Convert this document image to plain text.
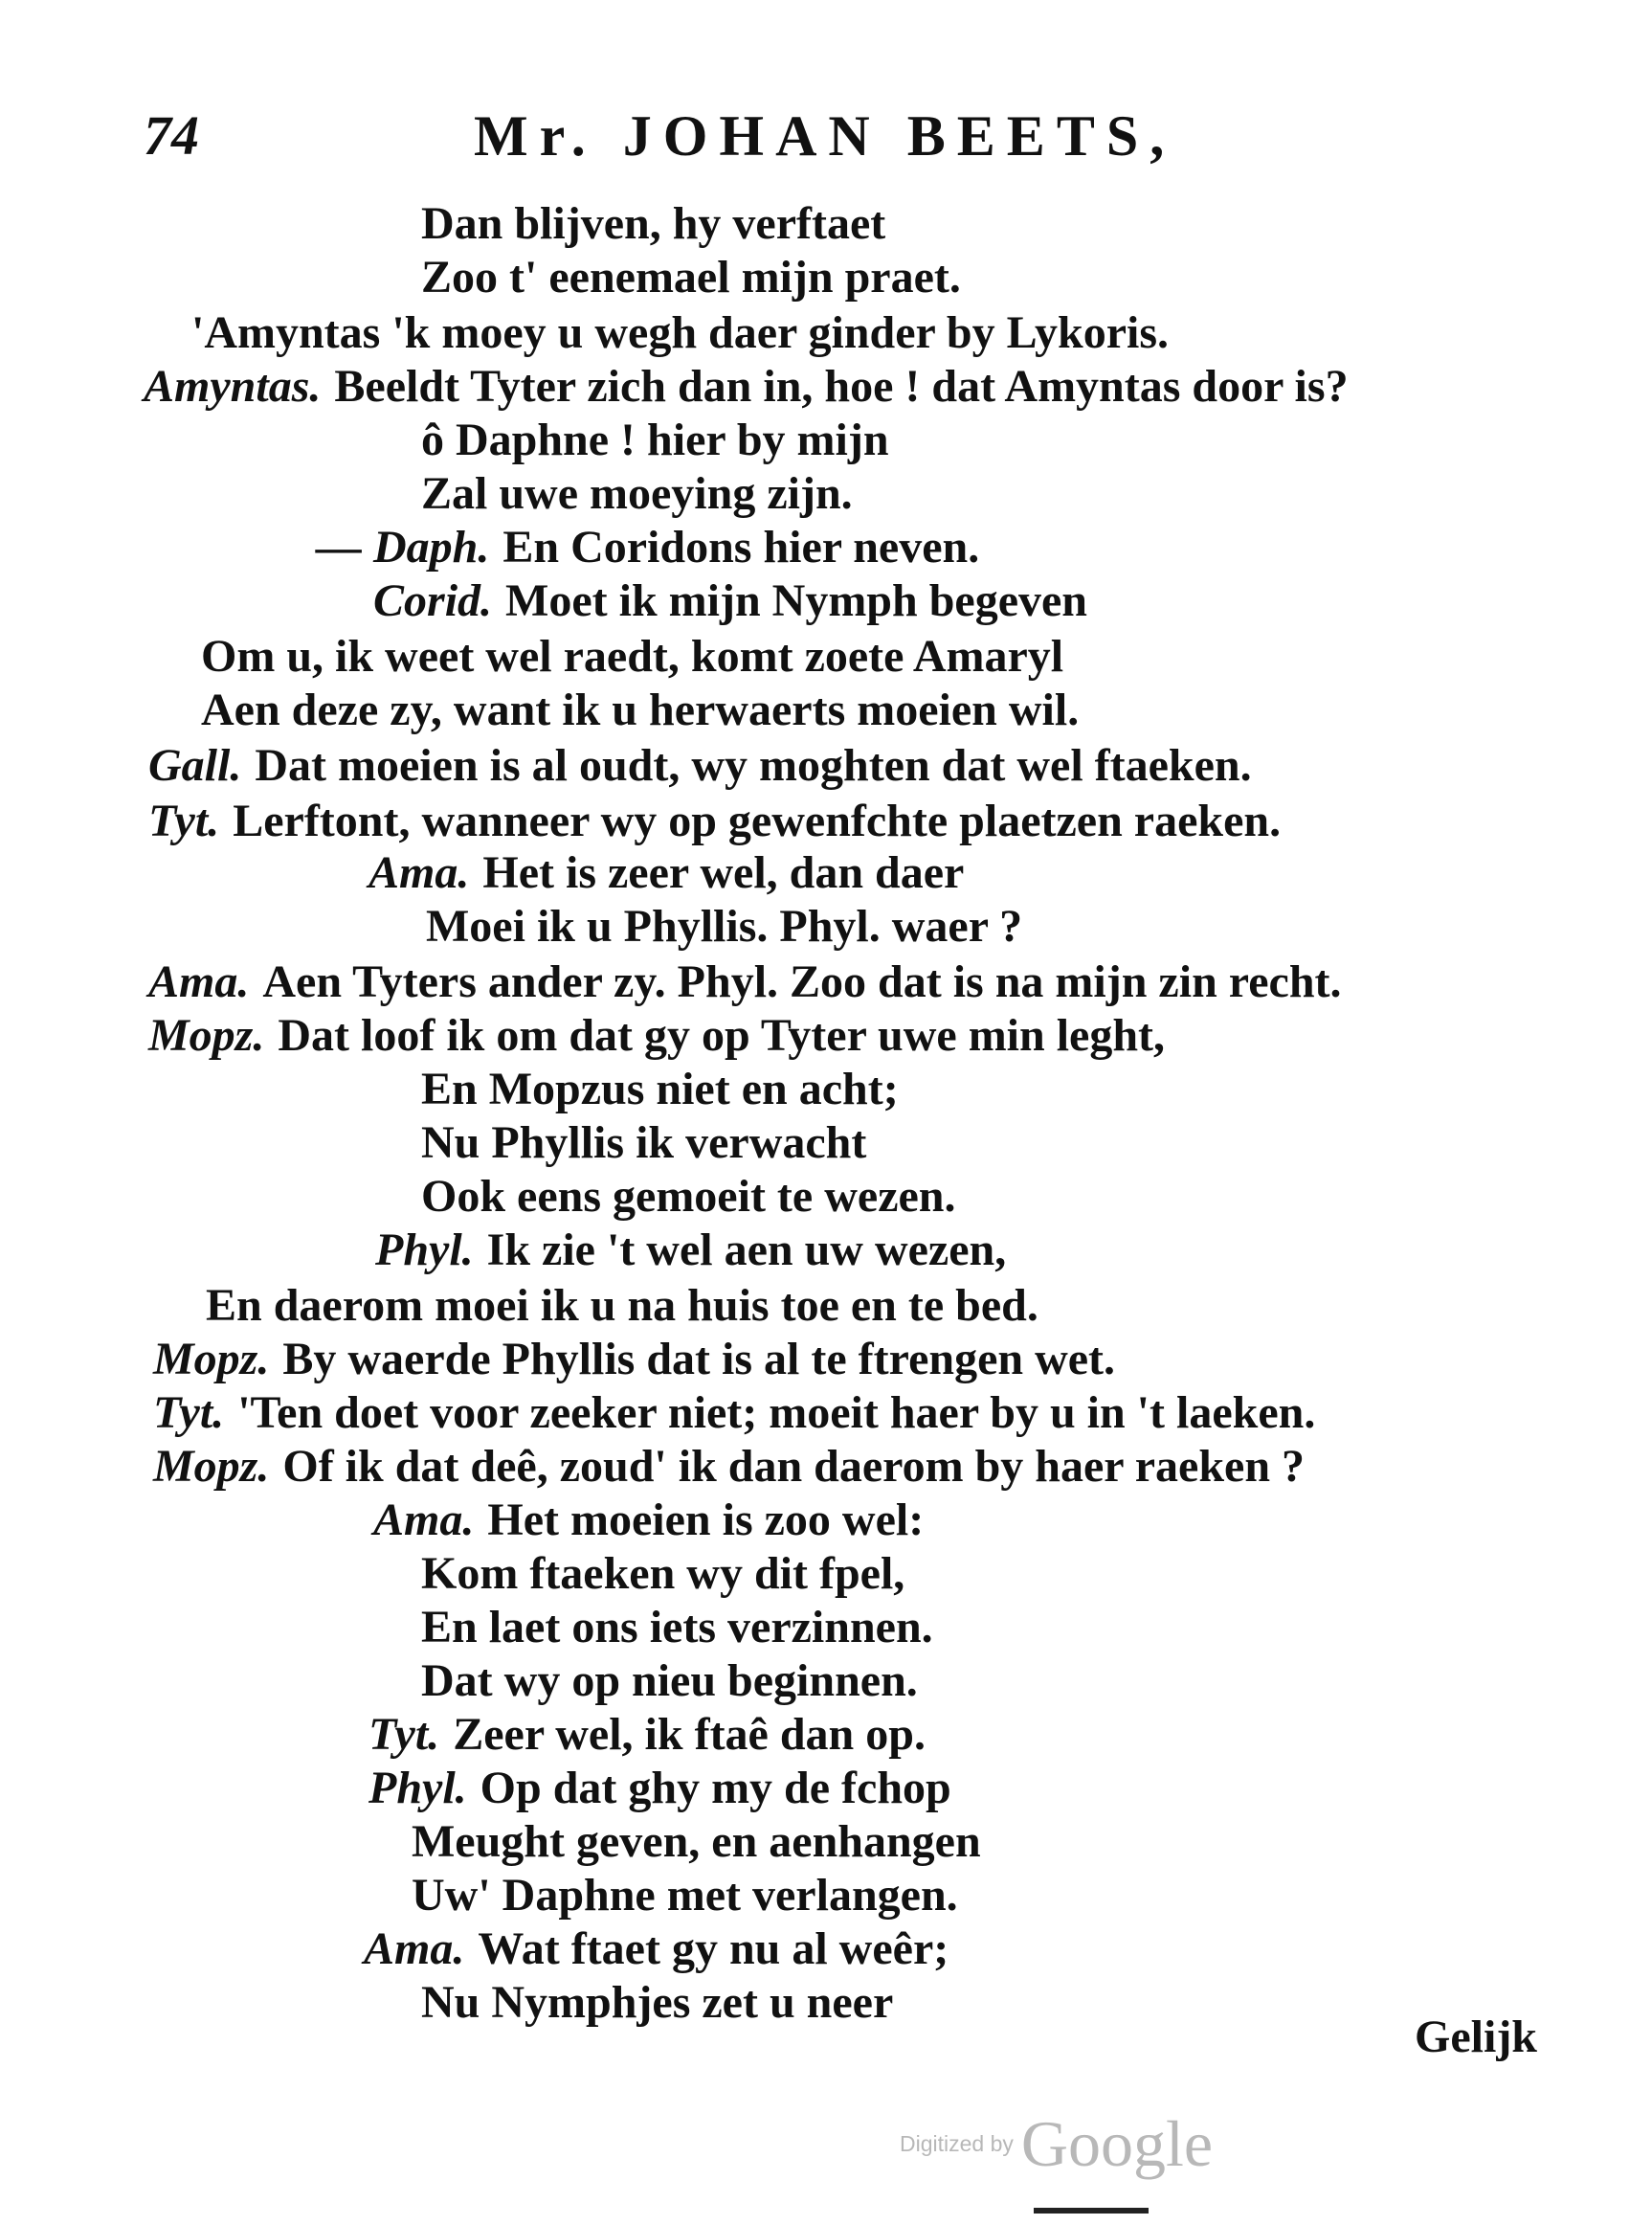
74	Mr. JOHAN BEETS,
Dan blijven, hy verftaet
Zoo t' eenemael mijn praet.
'Amyntas 'k moey u wegh daer ginder by Lykoris.
Amyntas. Beeldt Tyter zich dan in, hoe ! dat Amyntas door is?
ô Daphne ! hier by mijn
Zal uwe moeying zijn.
— Daph. En Coridons hier neven.
Corid. Moet ik mijn Nymph begeven
Om u, ik weet wel raedt, komt zoete Amaryl
Aen deze zy, want ik u herwaerts moeien wil.
Gall. Dat moeien is al oudt, wy moghten dat wel ftaeken.
Tyt. Lerftont, wanneer wy op gewenfchte plaetzen raeken.
Ama. Het is zeer wel, dan daer
Moei ik u Phyllis. Phyl. waer ?
Ama. Aen Tyters ander zy. Phyl. Zoo dat is na mijn zin recht.
Mopz. Dat loof ik om dat gy op Tyter uwe min leght,
En Mopzus niet en acht;
Nu Phyllis ik verwacht
Ook eens gemoeit te wezen.
Phyl. Ik zie 't wel aen uw wezen,
En daerom moei ik u na huis toe en te bed.
Mopz. By waerde Phyllis dat is al te ftrengen wet.
Tyt. 'Ten doet voor zeeker niet; moeit haer by u in 't laeken.
Mopz. Of ik dat deê, zoud' ik dan daerom by haer raeken ?
Ama. Het moeien is zoo wel:
Kom ftaeken wy dit fpel,
En laet ons iets verzinnen.
Dat wy op nieu beginnen.
Tyt. Zeer wel, ik ftaê dan op.
Phyl. Op dat ghy my de fchop
Meught geven, en aenhangen
Uw' Daphne met verlangen.
Ama. Wat ftaet gy nu al weêr;
Nu Nymphjes zet u neer
Gelijk
Digitized by Google
